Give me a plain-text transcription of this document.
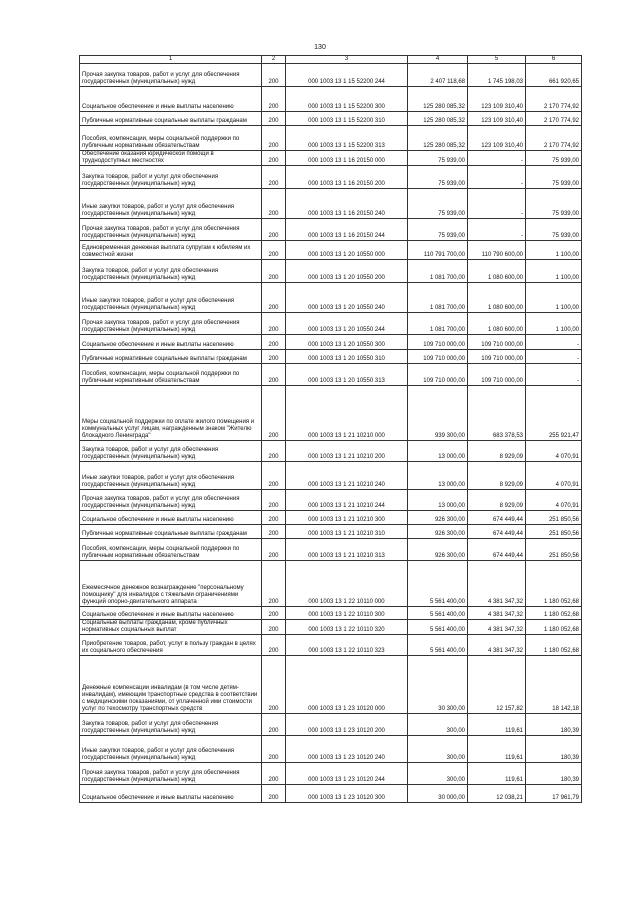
130
1	2	3	4	5	6
Прочая закупка товаров, работ и услуг для обеспечения государственных (муниципальных) нужд	200	000 1003 13 1 15 52200 244	2 407 118,68	1 745 198,03	661 920,65
Социальное обеспечение и иные выплаты населению	200	000 1003 13 1 15 52200 300	125 280 085,32	123 109 310,40	2 170 774,92
Публичные нормативные социальные выплаты гражданам	200	000 1003 13 1 15 52200 310	125 280 085,32	123 109 310,40	2 170 774,92
Пособия, компенсации, меры социальной поддержки по публичным нормативным обязательствам	200	000 1003 13 1 15 52200 313	125 280 085,32	123 109 310,40	2 170 774,92
Обеспечение оказания юридической помощи в труднодоступных местностях	200	000 1003 13 1 16 20150 000	75 939,00	-	75 939,00
Закупка товаров, работ и услуг для обеспечения государственных (муниципальных) нужд	200	000 1003 13 1 16 20150 200	75 939,00	-	75 939,00
Иные закупки товаров, работ и услуг для обеспечения государственных (муниципальных) нужд	200	000 1003 13 1 16 20150 240	75 939,00	-	75 939,00
Прочая закупка товаров, работ и услуг для обеспечения государственных (муниципальных) нужд	200	000 1003 13 1 16 20150 244	75 939,00	-	75 939,00
Единовременная денежная выплата супругам к юбилеям их совместной жизни	200	000 1003 13 1 20 10550 000	110 791 700,00	110 790 600,00	1 100,00
Закупка товаров, работ и услуг для обеспечения государственных (муниципальных) нужд	200	000 1003 13 1 20 10550 200	1 081 700,00	1 080 600,00	1 100,00
Иные закупки товаров, работ и услуг для обеспечения государственных (муниципальных) нужд	200	000 1003 13 1 20 10550 240	1 081 700,00	1 080 600,00	1 100,00
Прочая закупка товаров, работ и услуг для обеспечения государственных (муниципальных) нужд	200	000 1003 13 1 20 10550 244	1 081 700,00	1 080 600,00	1 100,00
Социальное обеспечение и иные выплаты населению	200	000 1003 13 1 20 10550 300	109 710 000,00	109 710 000,00	-
Публичные нормативные социальные выплаты гражданам	200	000 1003 13 1 20 10550 310	109 710 000,00	109 710 000,00	-
Пособия, компенсации, меры социальной поддержки по публичным нормативным обязательствам	200	000 1003 13 1 20 10550 313	109 710 000,00	109 710 000,00	-
Меры социальной поддержки по оплате жилого помещения и коммунальных услуг лицам, награжденным знаком "Жителю блокадного Ленинграда"	200	000 1003 13 1 21 10210 000	939 300,00	683 378,53	255 921,47
Закупка товаров, работ и услуг для обеспечения государственных (муниципальных) нужд	200	000 1003 13 1 21 10210 200	13 000,00	8 929,09	4 070,91
Иные закупки товаров, работ и услуг для обеспечения государственных (муниципальных) нужд	200	000 1003 13 1 21 10210 240	13 000,00	8 929,09	4 070,91
Прочая закупка товаров, работ и услуг для обеспечения государственных (муниципальных) нужд	200	000 1003 13 1 21 10210 244	13 000,00	8 929,09	4 070,91
Социальное обеспечение и иные выплаты населению	200	000 1003 13 1 21 10210 300	926 300,00	674 449,44	251 850,56
Публичные нормативные социальные выплаты гражданам	200	000 1003 13 1 21 10210 310	926 300,00	674 449,44	251 850,56
Пособия, компенсации, меры социальной поддержки по публичным нормативным обязательствам	200	000 1003 13 1 21 10210 313	926 300,00	674 449,44	251 850,56
Ежемесячное денежное вознаграждение "персональному помощнику" для инвалидов с тяжелыми ограничениями функций опорно-двигательного аппарата	200	000 1003 13 1 22 10110 000	5 561 400,00	4 381 347,32	1 180 052,68
Социальное обеспечение и иные выплаты населению	200	000 1003 13 1 22 10110 300	5 561 400,00	4 381 347,32	1 180 052,68
Социальные выплаты гражданам, кроме публичных нормативных социальных выплат	200	000 1003 13 1 22 10110 320	5 561 400,00	4 381 347,32	1 180 052,68
Приобретение товаров, работ, услуг в пользу граждан в целях их социального обеспечения	200	000 1003 13 1 22 10110 323	5 561 400,00	4 381 347,32	1 180 052,68
Денежные компенсации инвалидам (в том числе детям-инвалидам), имеющим транспортные средства в соответствии с медицинскими показаниями, от уплаченной ими стоимости услуг по техосмотру транспортных средств	200	000 1003 13 1 23 10120 000	30 300,00	12 157,82	18 142,18
Закупка товаров, работ и услуг для обеспечения государственных (муниципальных) нужд	200	000 1003 13 1 23 10120 200	300,00	119,61	180,39
Иные закупки товаров, работ и услуг для обеспечения государственных (муниципальных) нужд	200	000 1003 13 1 23 10120 240	300,00	119,61	180,39
Прочая закупка товаров, работ и услуг для обеспечения государственных (муниципальных) нужд	200	000 1003 13 1 23 10120 244	300,00	119,61	180,39
Социальное обеспечение и иные выплаты населению	200	000 1003 13 1 23 10120 300	30 000,00	12 038,21	17 961,79
